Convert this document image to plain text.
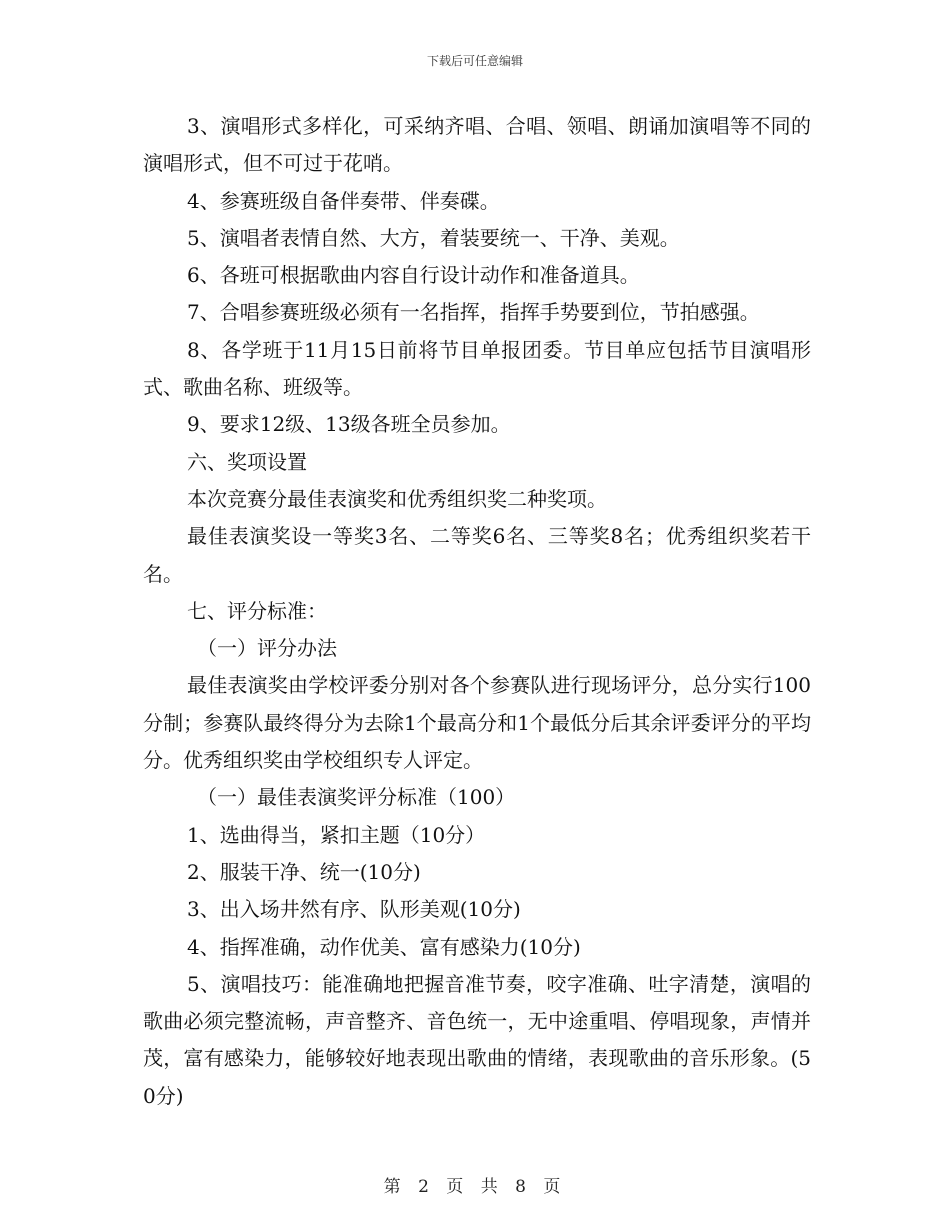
下载后可任意编辑

3、演唱形式多样化，可采纳齐唱、合唱、领唱、朗诵加演唱等不同的演唱形式，但不可过于花哨。

4、参赛班级自备伴奏带、伴奏碟。

5、演唱者表情自然、大方，着装要统一、干净、美观。

6、各班可根据歌曲内容自行设计动作和准备道具。

7、合唱参赛班级必须有一名指挥，指挥手势要到位，节拍感强。

8、各学班于11月15日前将节目单报团委。节目单应包括节目演唱形式、歌曲名称、班级等。

9、要求12级、13级各班全员参加。

六、奖项设置

本次竞赛分最佳表演奖和优秀组织奖二种奖项。

最佳表演奖设一等奖3名、二等奖6名、三等奖8名；优秀组织奖若干名。

七、评分标准：

（一）评分办法

最佳表演奖由学校评委分别对各个参赛队进行现场评分，总分实行100分制；参赛队最终得分为去除1个最高分和1个最低分后其余评委评分的平均分。优秀组织奖由学校组织专人评定。

（一）最佳表演奖评分标准（100）

1、选曲得当，紧扣主题（10分）

2、服装干净、统一(10分)

3、出入场井然有序、队形美观(10分)

4、指挥准确，动作优美、富有感染力(10分)

5、演唱技巧：能准确地把握音准节奏，咬字准确、吐字清楚，演唱的歌曲必须完整流畅，声音整齐、音色统一，无中途重唱、停唱现象，声情并茂，富有感染力，能够较好地表现出歌曲的情绪，表现歌曲的音乐形象。(50分)

第 2 页 共 8 页
